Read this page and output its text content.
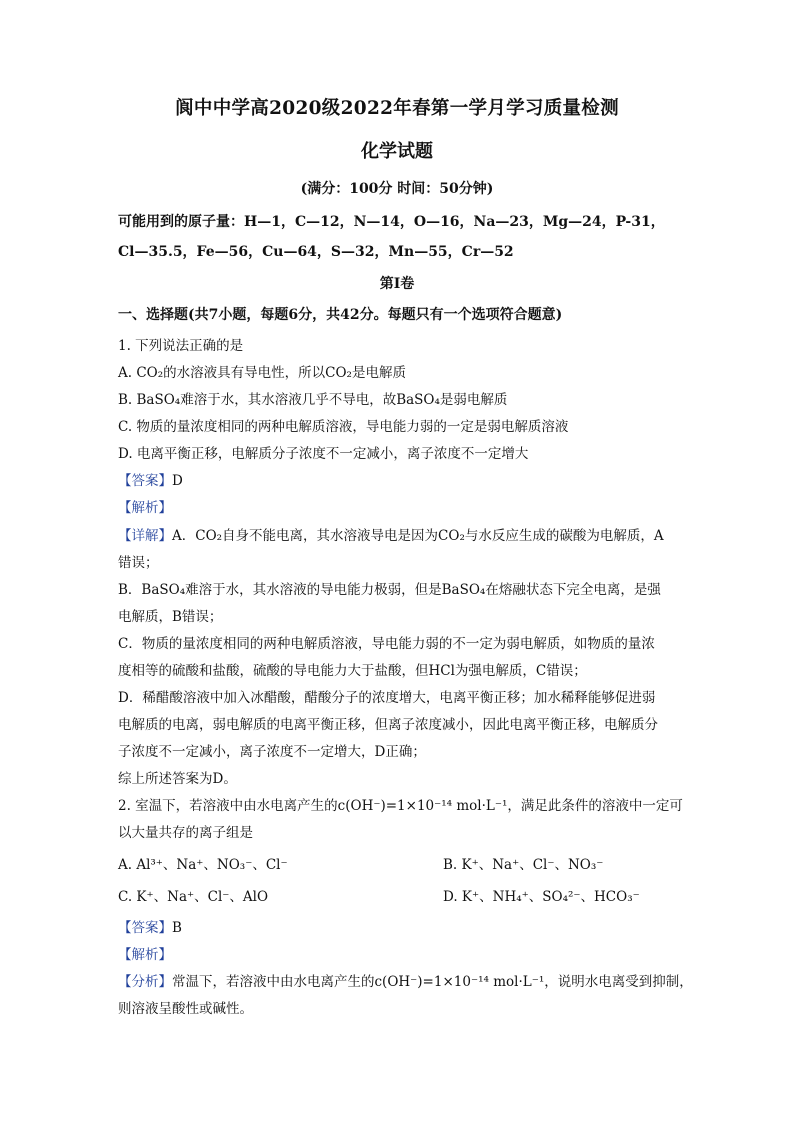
阆中中学高2020级2022年春第一学月学习质量检测
化学试题
(满分：100分 时间：50分钟)
可能用到的原子量：H—1，C—12，N—14，O—16，Na—23，Mg—24，P-31，
Cl—35.5，Fe—56，Cu—64，S—32，Mn—55，Cr—52
第Ⅰ卷
一、选择题(共7小题，每题6分，共42分。每题只有一个选项符合题意)
1. 下列说法正确的是
A. CO₂的水溶液具有导电性，所以CO₂是电解质
B. BaSO₄难溶于水，其水溶液几乎不导电，故BaSO₄是弱电解质
C. 物质的量浓度相同的两种电解质溶液，导电能力弱的一定是弱电解质溶液
D. 电离平衡正移，电解质分子浓度不一定减小，离子浓度不一定增大
【答案】D
【解析】
【详解】A．CO₂自身不能电离，其水溶液导电是因为CO₂与水反应生成的碳酸为电解质，A
错误；
B．BaSO₄难溶于水，其水溶液的导电能力极弱，但是BaSO₄在熔融状态下完全电离，是强
电解质，B错误；
C．物质的量浓度相同的两种电解质溶液，导电能力弱的不一定为弱电解质，如物质的量浓
度相等的硫酸和盐酸，硫酸的导电能力大于盐酸，但HCl为强电解质，C错误；
D．稀醋酸溶液中加入冰醋酸，醋酸分子的浓度增大，电离平衡正移；加水稀释能够促进弱
电解质的电离，弱电解质的电离平衡正移，但离子浓度减小，因此电离平衡正移，电解质分
子浓度不一定减小，离子浓度不一定增大，D正确；
综上所述答案为D。
2. 室温下，若溶液中由水电离产生的c(OH⁻)=1×10⁻¹⁴ mol·L⁻¹，满足此条件的溶液中一定可
以大量共存的离子组是
A. Al³⁺、Na⁺、NO₃⁻、Cl⁻	B. K⁺、Na⁺、Cl⁻、NO₃⁻
C. K⁺、Na⁺、Cl⁻、AlO	D. K⁺、NH₄⁺、SO₄²⁻、HCO₃⁻
【答案】B
【解析】
【分析】常温下，若溶液中由水电离产生的c(OH⁻)=1×10⁻¹⁴ mol·L⁻¹，说明水电离受到抑制，
则溶液呈酸性或碱性。
